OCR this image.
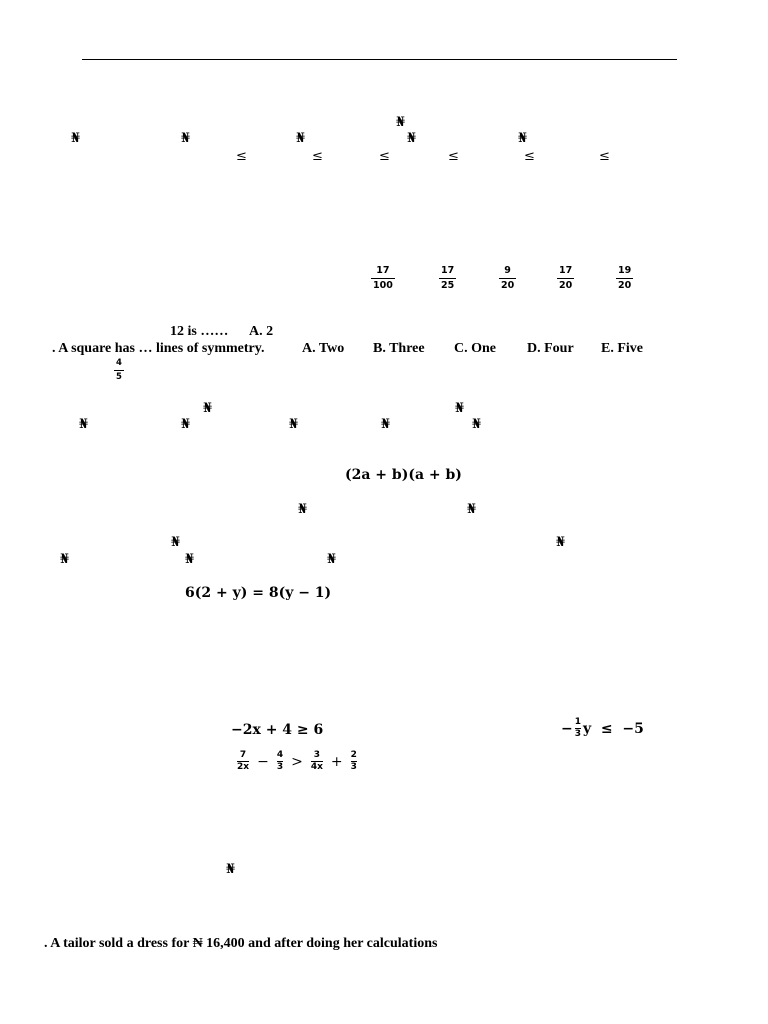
₦
₦	₦	₦	₦	₦
≤	≤	≤	≤	≤	≤
17
100
17
25
9
20
17
20
19
20
12 is …… A. 2
. A square has … lines of symmetry.	A. Two B. Three C. One D. Four E. Five
4
5
₦	₦
₦	₦	₦	₦	₦
(2a + b)(a + b)
₦	₦
₦	₦
₦	₦	₦
6(2 + y) = 8(y − 1)
−2x + 4 ≥ 6	− 1
3 y  ≤  −5
7
2x − 4
3 > 3
4x + 2
3
₦
. A tailor sold a dress for ₦ 16,400 and after doing her calculations
